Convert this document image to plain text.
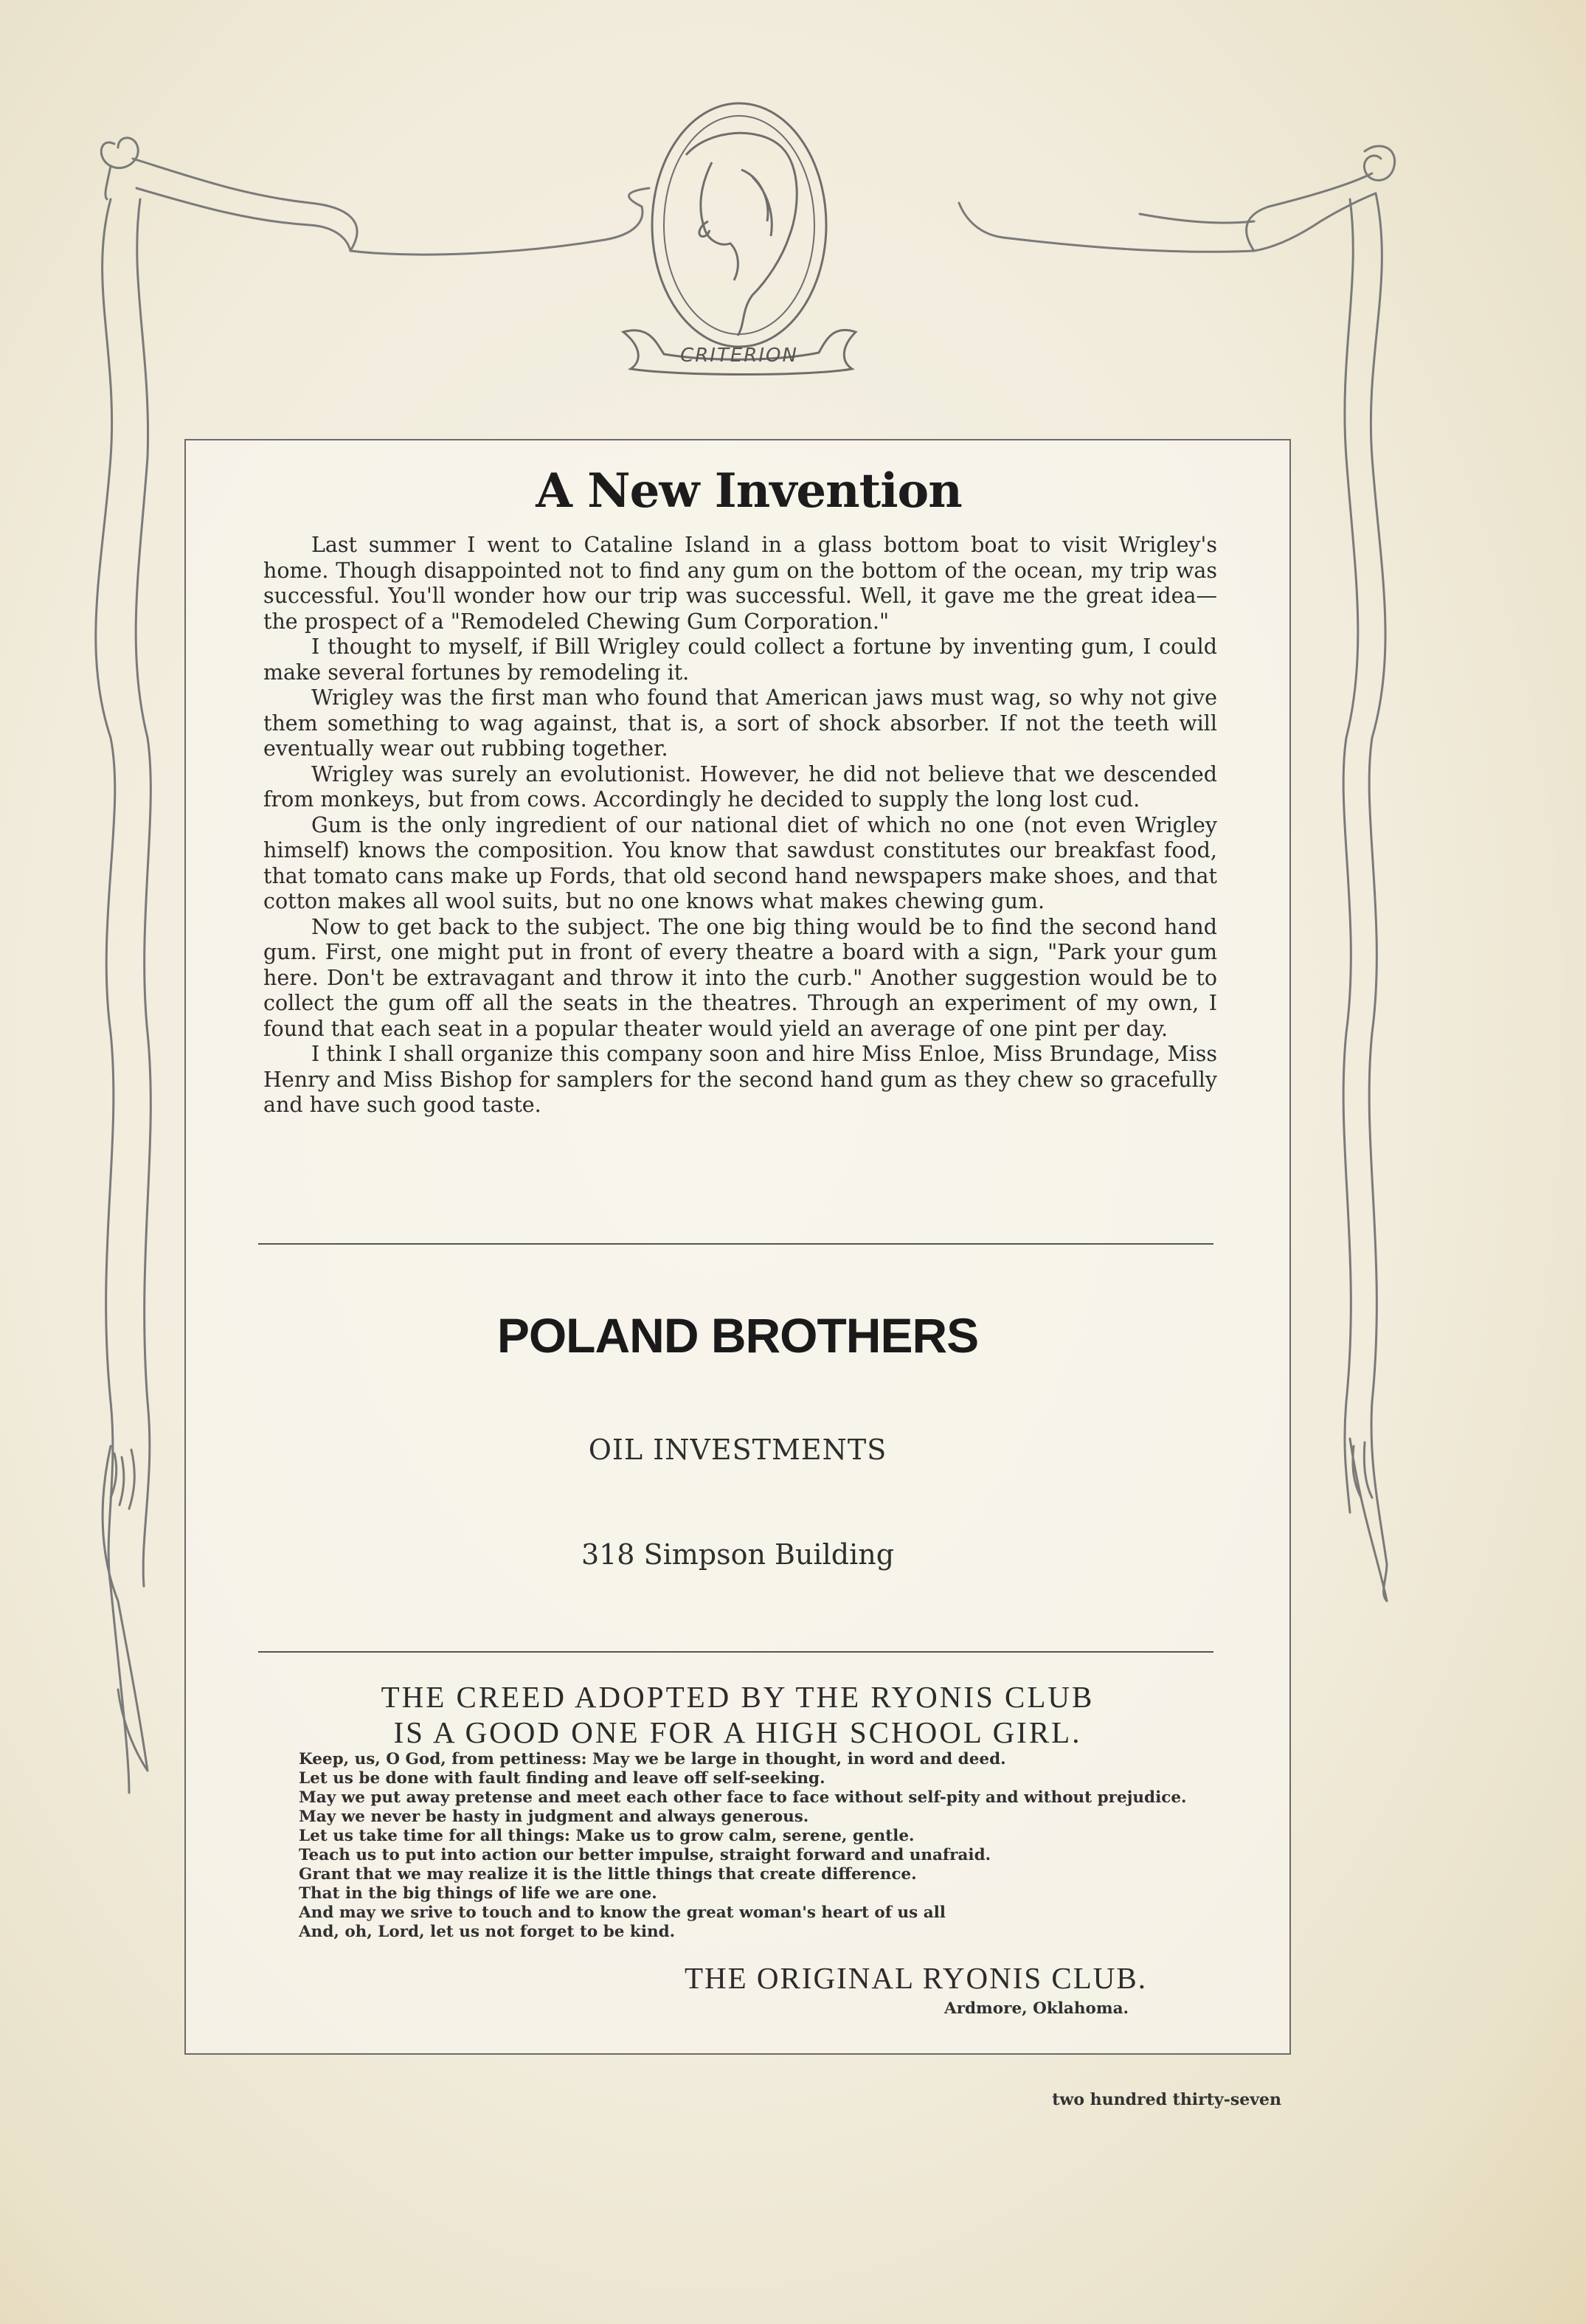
CRITERION
A New Invention

Last summer I went to Cataline Island in a glass bottom boat to visit Wrigley's home. Though disappointed not to find any gum on the bottom of the ocean, my trip was successful. You'll wonder how our trip was successful. Well, it gave me the great idea—the prospect of a "Remodeled Chewing Gum Corporation."

I thought to myself, if Bill Wrigley could collect a fortune by inventing gum, I could make several fortunes by remodeling it.

Wrigley was the first man who found that American jaws must wag, so why not give them something to wag against, that is, a sort of shock absorber. If not the teeth will eventually wear out rubbing together.

Wrigley was surely an evolutionist. However, he did not believe that we descended from monkeys, but from cows. Accordingly he decided to supply the long lost cud.

Gum is the only ingredient of our national diet of which no one (not even Wrigley himself) knows the composition. You know that sawdust constitutes our breakfast food, that tomato cans make up Fords, that old second hand newspapers make shoes, and that cotton makes all wool suits, but no one knows what makes chewing gum.

Now to get back to the subject. The one big thing would be to find the second hand gum. First, one might put in front of every theatre a board with a sign, "Park your gum here. Don't be extravagant and throw it into the curb." Another suggestion would be to collect the gum off all the seats in the theatres. Through an experiment of my own, I found that each seat in a popular theater would yield an average of one pint per day.

I think I shall organize this company soon and hire Miss Enloe, Miss Brundage, Miss Henry and Miss Bishop for samplers for the second hand gum as they chew so gracefully and have such good taste.

POLAND BROTHERS
OIL INVESTMENTS
318 Simpson Building
THE CREED ADOPTED BY THE RYONIS CLUB
IS A GOOD ONE FOR A HIGH SCHOOL GIRL.
Keep, us, O God, from pettiness: May we be large in thought, in word and deed.
Let us be done with fault finding and leave off self-seeking.
May we put away pretense and meet each other face to face without self-pity and without prejudice.
May we never be hasty in judgment and always generous.
Let us take time for all things: Make us to grow calm, serene, gentle.
Teach us to put into action our better impulse, straight forward and unafraid.
Grant that we may realize it is the little things that create difference.
That in the big things of life we are one.
And may we srive to touch and to know the great woman's heart of us all
And, oh, Lord, let us not forget to be kind.
THE ORIGINAL RYONIS CLUB.
Ardmore, Oklahoma.
two hundred thirty-seven
